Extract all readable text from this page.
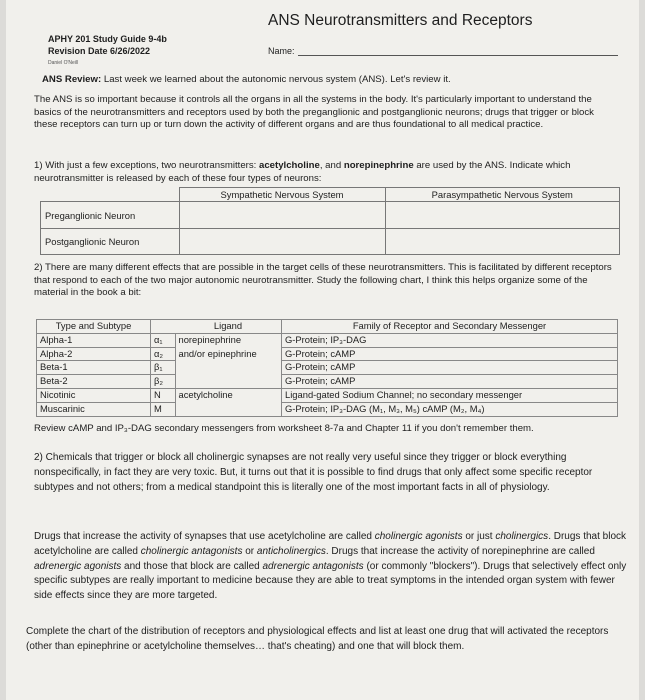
APHY 201 Study Guide 9-4b
Revision Date 6/26/2022
Daniel O'Neill
ANS Neurotransmitters and Receptors
Name:

ANS Review: Last week we learned about the autonomic nervous system (ANS). Let's review it.

The ANS is so important because it controls all the organs in all the systems in the body. It's particularly important to understand the basics of the neurotransmitters and receptors used by both the preganglionic and postganglionic neurons; drugs that trigger or block these receptors can turn up or turn down the activity of different organs and are thus foundational to all medical practice.

1) With just a few exceptions, two neurotransmitters: acetylcholine, and norepinephrine are used by the ANS. Indicate which neurotransmitter is released by each of these four types of neurons:

	Sympathetic Nervous System	Parasympathetic Nervous System
Preganglionic Neuron		
Postganglionic Neuron		

2) There are many different effects that are possible in the target cells of these neurotransmitters. This is facilitated by different receptors that respond to each of the two major autonomic neurotransmitter. Study the following chart, I think this helps organize some of the material in the book a bit:

Type and Subtype		Ligand	Family of Receptor and Secondary Messenger
Alpha-1	α₁	norepinephrine	G-Protein; IP₃-DAG
Alpha-2	α₂	and/or epinephrine	G-Protein; cAMP
Beta-1	β₁		G-Protein; cAMP
Beta-2	β₂		G-Protein; cAMP
Nicotinic	N	acetylcholine	Ligand-gated Sodium Channel; no secondary messenger
Muscarinic	M		G-Protein; IP₃-DAG (M₁, M₃, M₅) cAMP (M₂, M₄)

Review cAMP and IP₃-DAG secondary messengers from worksheet 8-7a and Chapter 11 if you don't remember them.

2) Chemicals that trigger or block all cholinergic synapses are not really very useful since they trigger or block everything nonspecifically, in fact they are very toxic. But, it turns out that it is possible to find drugs that only affect some specific receptor subtypes and not others; from a medical standpoint this is literally one of the most important facts in all of physiology.

Drugs that increase the activity of synapses that use acetylcholine are called cholinergic agonists or just cholinergics. Drugs that block acetylcholine are called cholinergic antagonists or anticholinergics. Drugs that increase the activity of norepinephrine are called adrenergic agonists and those that block are called adrenergic antagonists (or commonly "blockers"). Drugs that selectively effect only specific subtypes are really important to medicine because they are able to treat symptoms in the intended organ system with fewer side effects since they are more targeted.

Complete the chart of the distribution of receptors and physiological effects and list at least one drug that will activated the receptors (other than epinephrine or acetylcholine themselves… that's cheating) and one that will block them.
